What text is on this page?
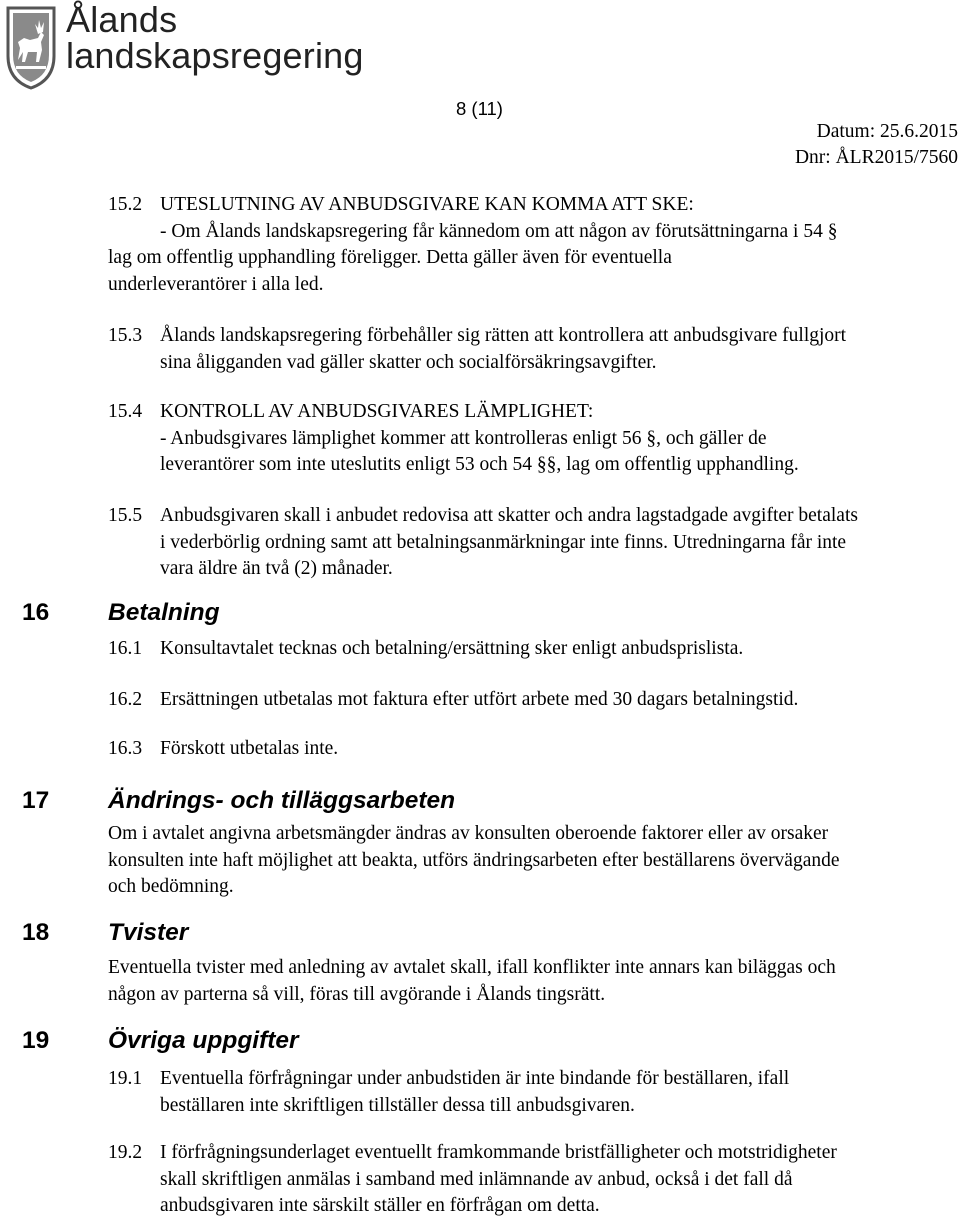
Ålands
landskapsregering
8 (11)
Datum: 25.6.2015
Dnr: ÅLR2015/7560
15.2 UTESLUTNING AV ANBUDSGIVARE KAN KOMMA ATT SKE:
- Om Ålands landskapsregering får kännedom om att någon av förutsättningarna i 54 §
lag om offentlig upphandling föreligger. Detta gäller även för eventuella
underleverantörer i alla led.
15.3 Ålands landskapsregering förbehåller sig rätten att kontrollera att anbudsgivare fullgjort
sina åligganden vad gäller skatter och socialförsäkringsavgifter.
15.4 KONTROLL AV ANBUDSGIVARES LÄMPLIGHET:
- Anbudsgivares lämplighet kommer att kontrolleras enligt 56 §, och gäller de
leverantörer som inte uteslutits enligt 53 och 54 §§, lag om offentlig upphandling.
15.5 Anbudsgivaren skall i anbudet redovisa att skatter och andra lagstadgade avgifter betalats
i vederbörlig ordning samt att betalningsanmärkningar inte finns. Utredningarna får inte
vara äldre än två (2) månader.
16 Betalning
16.1 Konsultavtalet tecknas och betalning/ersättning sker enligt anbudsprislista.
16.2 Ersättningen utbetalas mot faktura efter utfört arbete med 30 dagars betalningstid.
16.3 Förskott utbetalas inte.
17 Ändrings- och tilläggsarbeten
Om i avtalet angivna arbetsmängder ändras av konsulten oberoende faktorer eller av orsaker
konsulten inte haft möjlighet att beakta, utförs ändringsarbeten efter beställarens övervägande
och bedömning.
18 Tvister
Eventuella tvister med anledning av avtalet skall, ifall konflikter inte annars kan biläggas och
någon av parterna så vill, föras till avgörande i Ålands tingsrätt.
19 Övriga uppgifter
19.1 Eventuella förfrågningar under anbudstiden är inte bindande för beställaren, ifall
beställaren inte skriftligen tillställer dessa till anbudsgivaren.
19.2 I förfrågningsunderlaget eventuellt framkommande bristfälligheter och motstridigheter
skall skriftligen anmälas i samband med inlämnande av anbud, också i det fall då
anbudsgivaren inte särskilt ställer en förfrågan om detta.
